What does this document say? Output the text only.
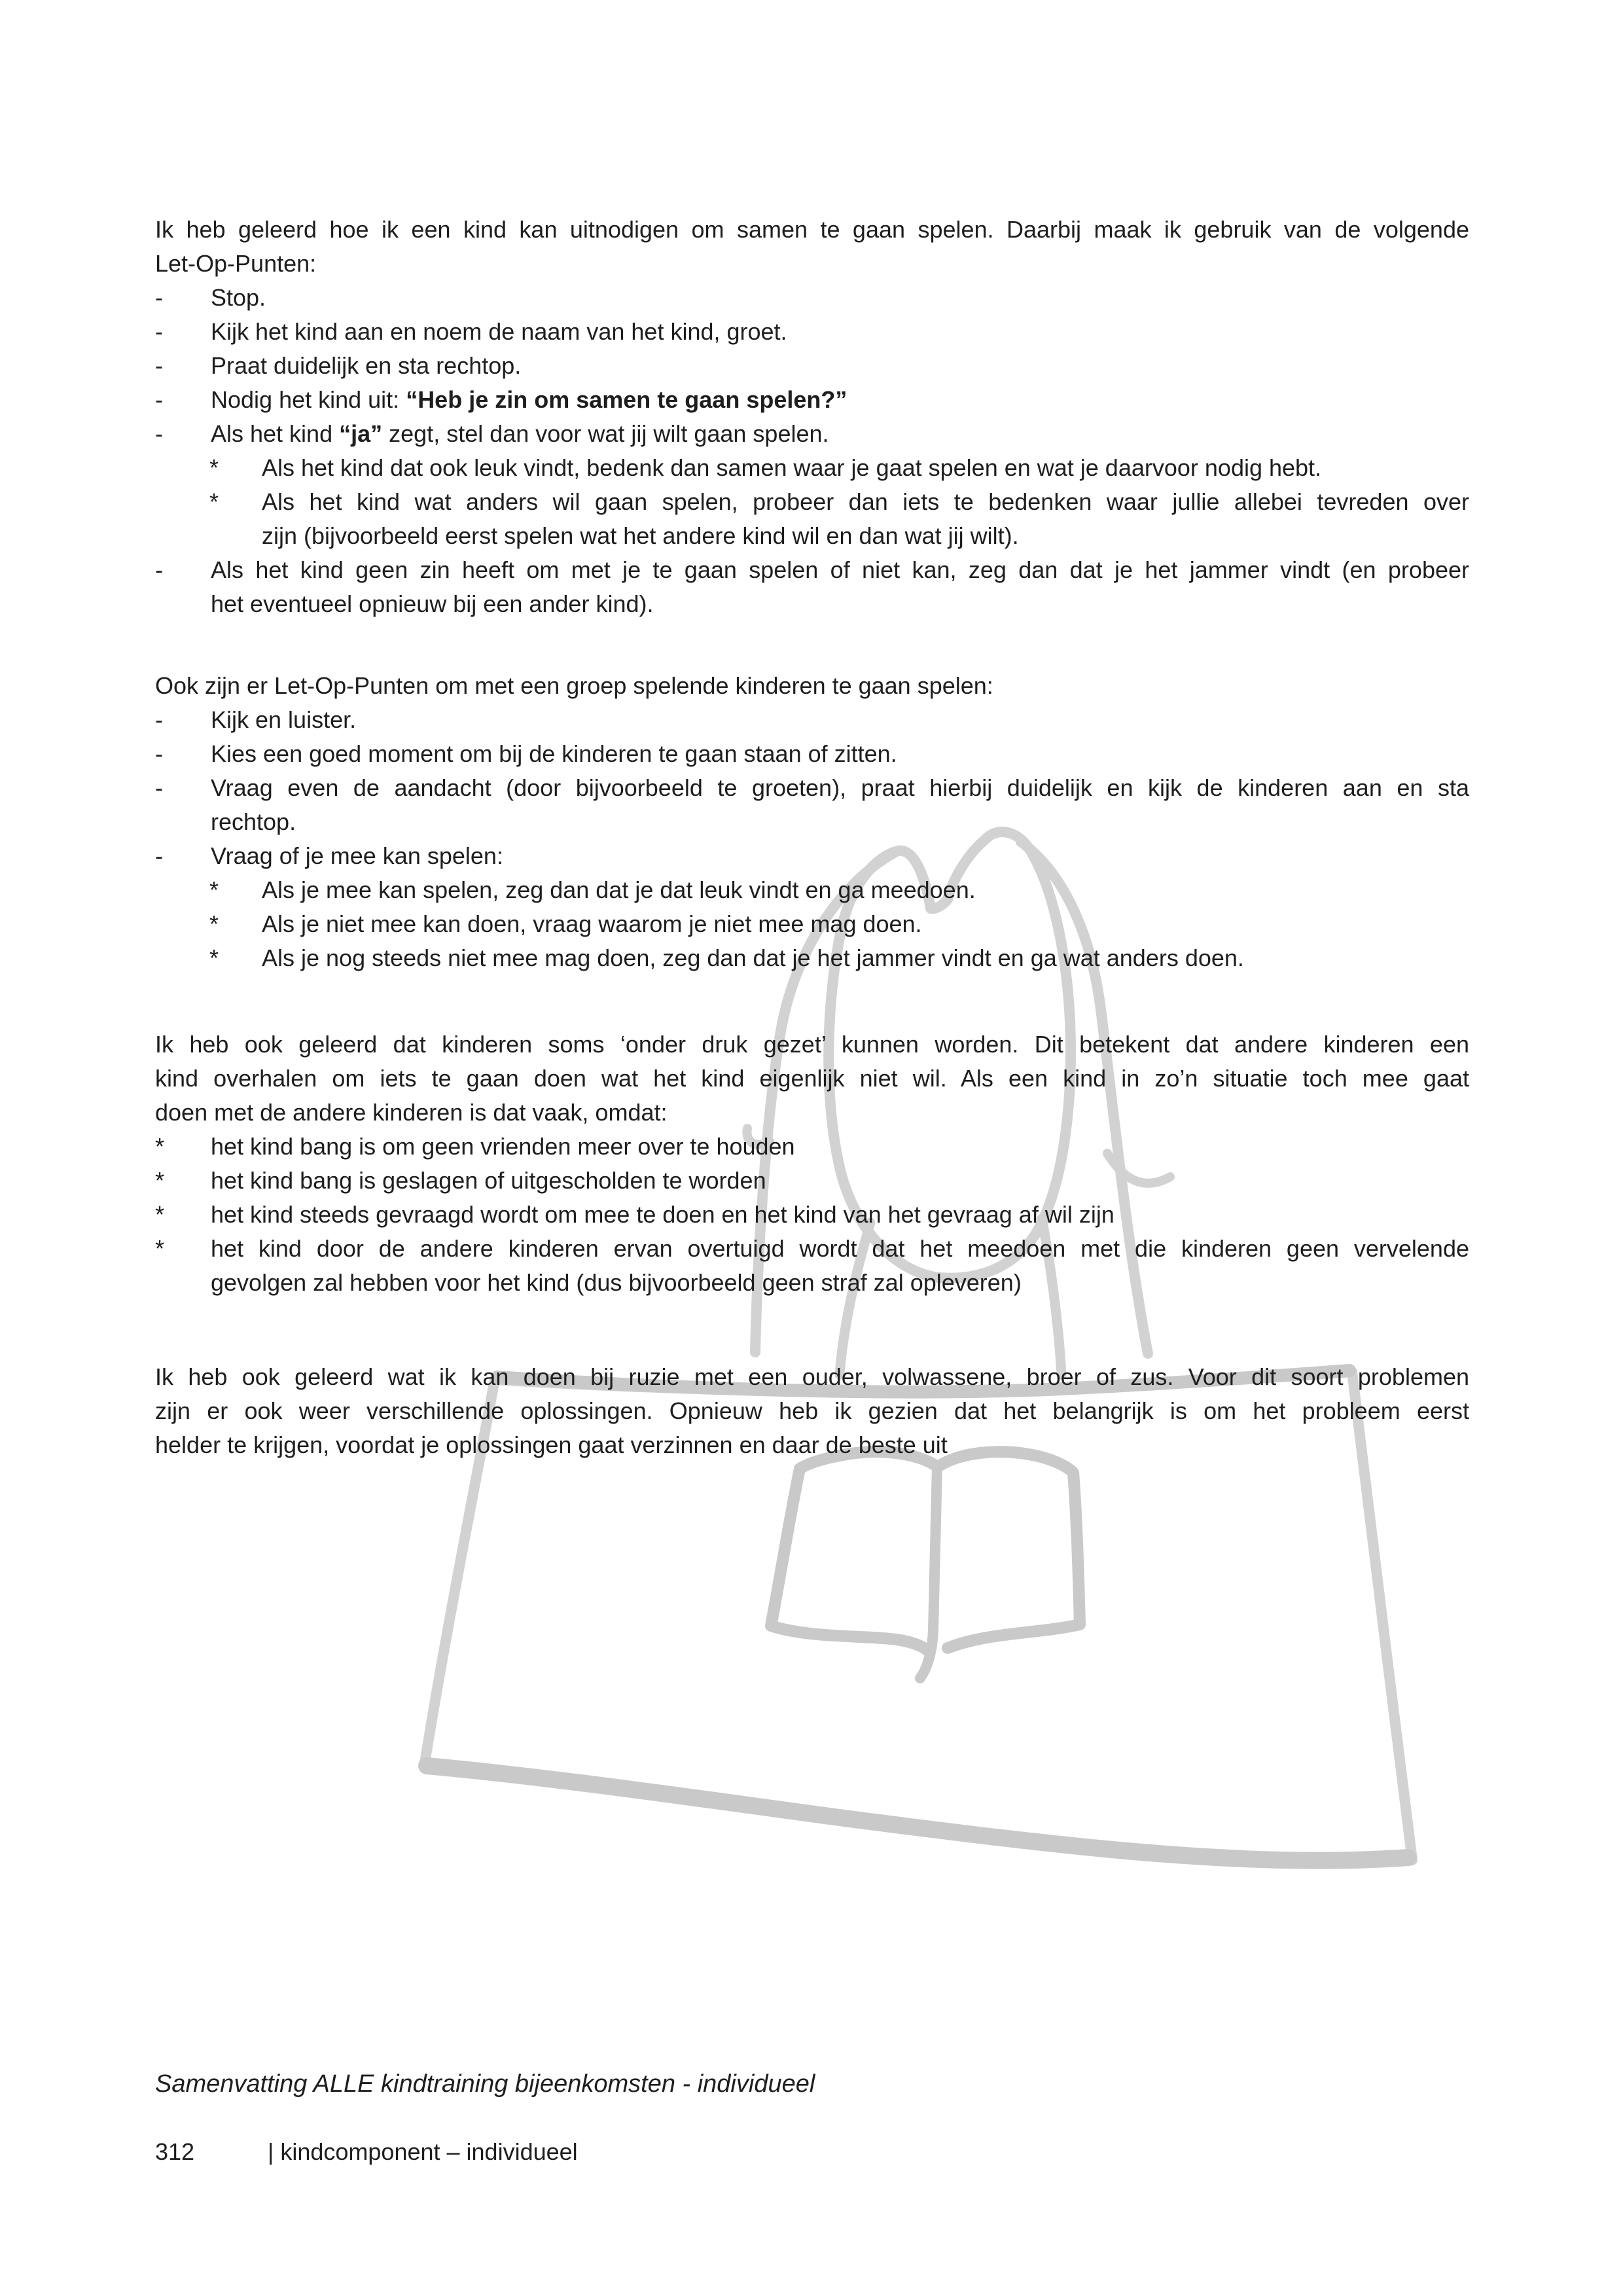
Ik heb geleerd hoe ik een kind kan uitnodigen om samen te gaan spelen. Daarbij maak ik gebruik van de volgende
Let-Op-Punten:
- Stop.
- Kijk het kind aan en noem de naam van het kind, groet.
- Praat duidelijk en sta rechtop.
- Nodig het kind uit: “Heb je zin om samen te gaan spelen?”
- Als het kind “ja” zegt, stel dan voor wat jij wilt gaan spelen.
* Als het kind dat ook leuk vindt, bedenk dan samen waar je gaat spelen en wat je daarvoor nodig hebt.
* Als het kind wat anders wil gaan spelen, probeer dan iets te bedenken waar jullie allebei tevreden over
zijn (bijvoorbeeld eerst spelen wat het andere kind wil en dan wat jij wilt).
- Als het kind geen zin heeft om met je te gaan spelen of niet kan, zeg dan dat je het jammer vindt (en probeer
het eventueel opnieuw bij een ander kind).
Ook zijn er Let-Op-Punten om met een groep spelende kinderen te gaan spelen:
- Kijk en luister.
- Kies een goed moment om bij de kinderen te gaan staan of zitten.
- Vraag even de aandacht (door bijvoorbeeld te groeten), praat hierbij duidelijk en kijk de kinderen aan en sta
rechtop.
- Vraag of je mee kan spelen:
* Als je mee kan spelen, zeg dan dat je dat leuk vindt en ga meedoen.
* Als je niet mee kan doen, vraag waarom je niet mee mag doen.
* Als je nog steeds niet mee mag doen, zeg dan dat je het jammer vindt en ga wat anders doen.
Ik heb ook geleerd dat kinderen soms ‘onder druk gezet’ kunnen worden. Dit betekent dat andere kinderen een
kind overhalen om iets te gaan doen wat het kind eigenlijk niet wil. Als een kind in zo’n situatie toch mee gaat
doen met de andere kinderen is dat vaak, omdat:
* het kind bang is om geen vrienden meer over te houden
* het kind bang is geslagen of uitgescholden te worden
* het kind steeds gevraagd wordt om mee te doen en het kind van het gevraag af wil zijn
* het kind door de andere kinderen ervan overtuigd wordt dat het meedoen met die kinderen geen vervelende
gevolgen zal hebben voor het kind (dus bijvoorbeeld geen straf zal opleveren)
Ik heb ook geleerd wat ik kan doen bij ruzie met een ouder, volwassene, broer of zus. Voor dit soort problemen
zijn er ook weer verschillende oplossingen. Opnieuw heb ik gezien dat het belangrijk is om het probleem eerst
helder te krijgen, voordat je oplossingen gaat verzinnen en daar de beste uit
Samenvatting ALLE kindtraining bijeenkomsten - individueel
312	| kindcomponent – individueel
